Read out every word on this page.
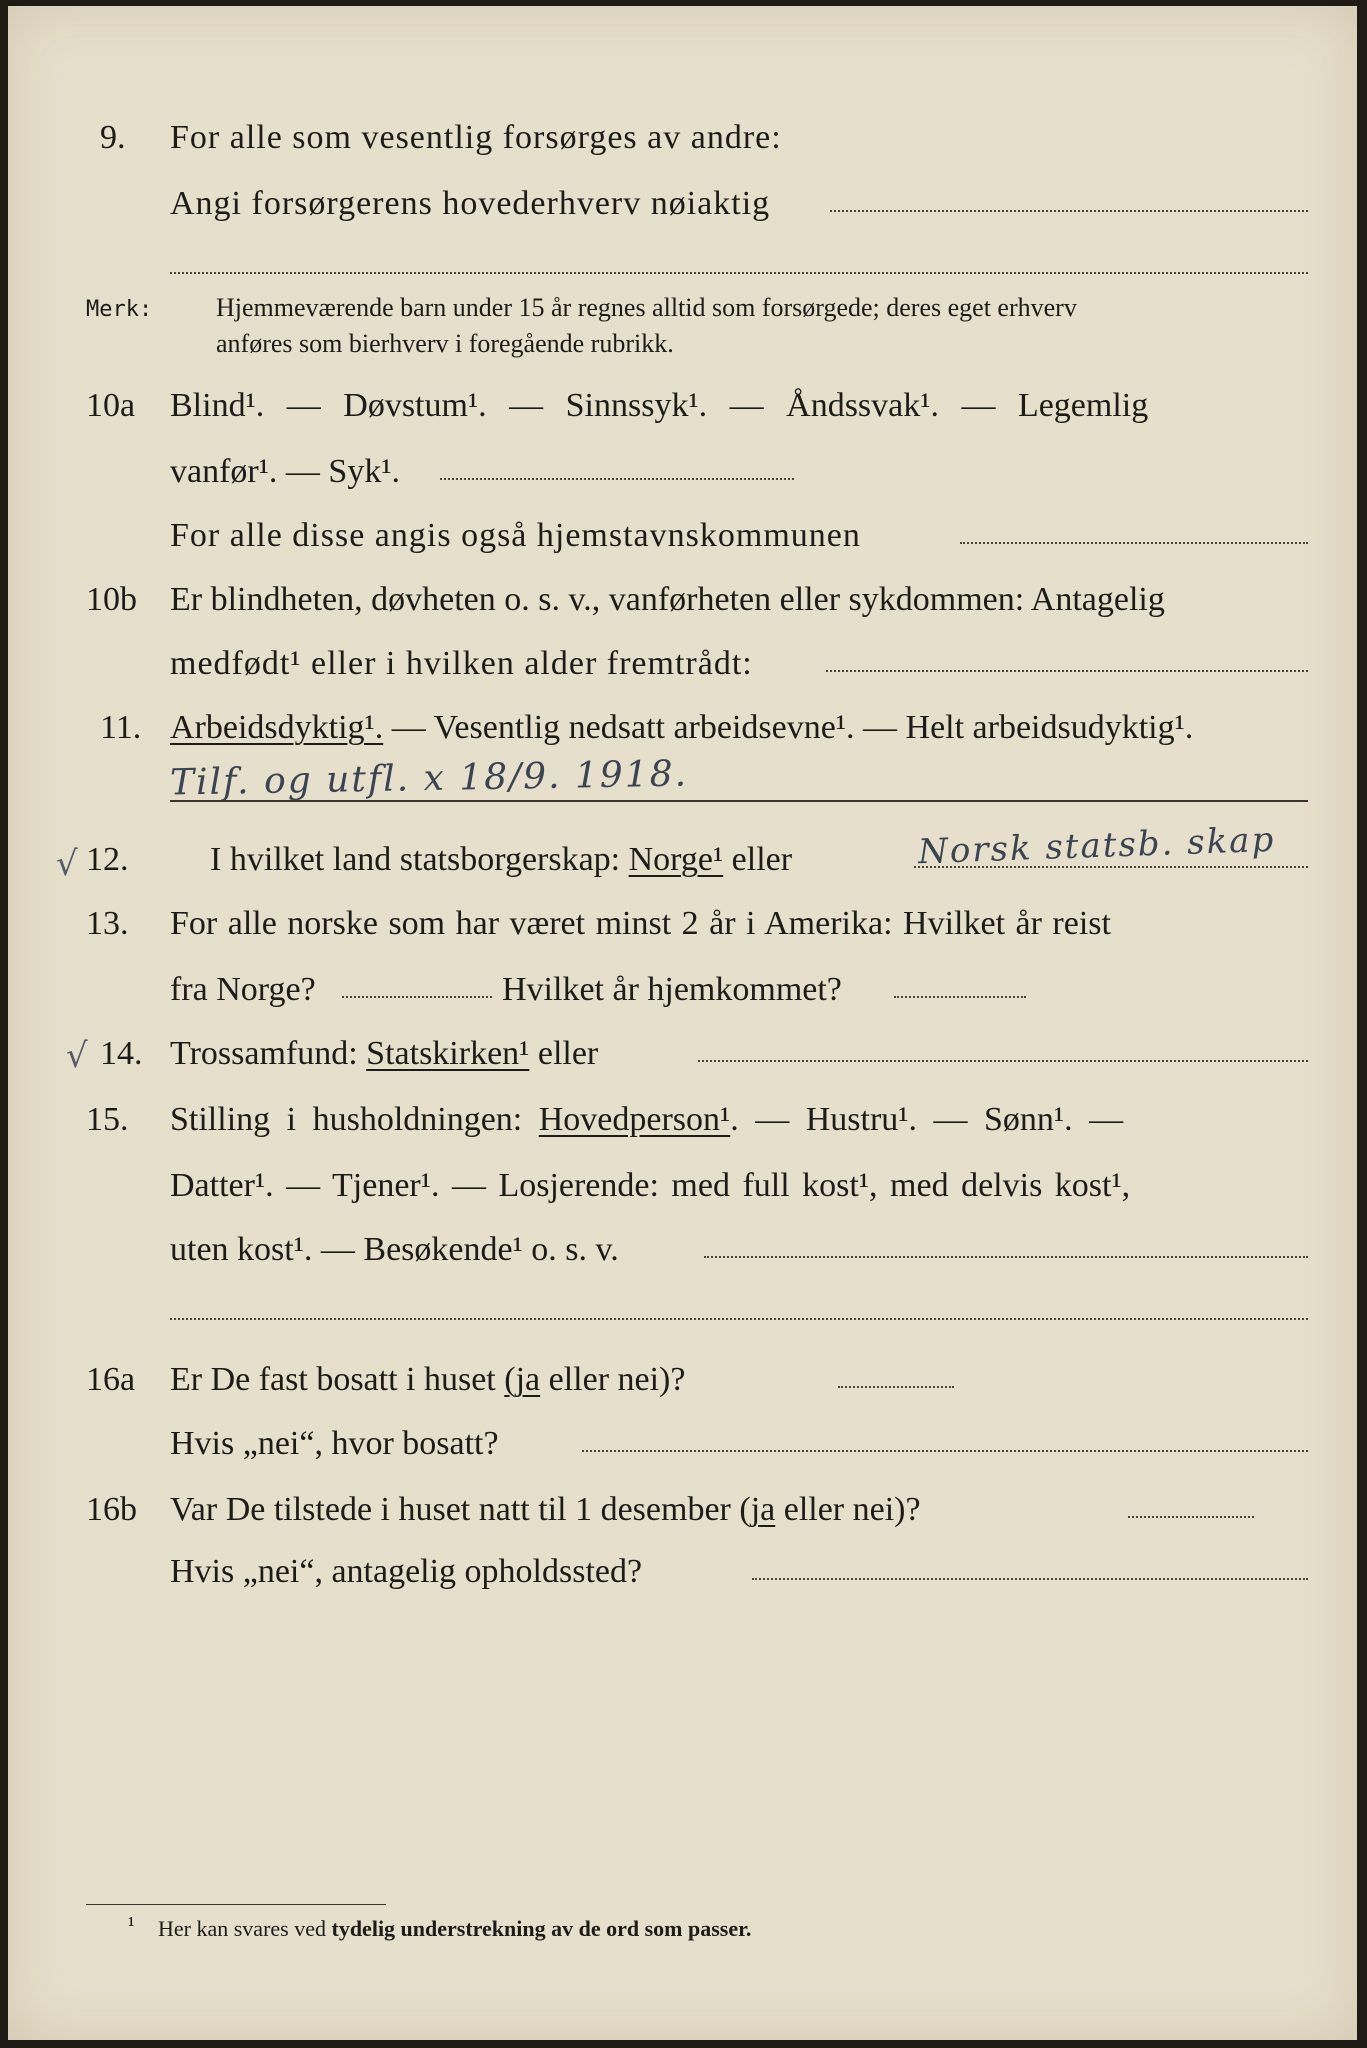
9.	For alle som vesentlig forsørges av andre:
Angi forsørgerens hovederhverv nøiaktig
Merk: Hjemmeværende barn under 15 år regnes alltid som forsørgede; deres eget erhverv
anføres som bierhverv i foregående rubrikk.
10a	Blind¹. — Døvstum¹. — Sinnssyk¹. — Åndssvak¹. — Legemlig
vanfør¹. — Syk¹.
For alle disse angis også hjemstavnskommunen
10b Er blindheten, døvheten o. s. v., vanførheten eller sykdommen: Antagelig
medfødt¹ eller i hvilken alder fremtrådt:
11. Arbeidsdyktig¹. — Vesentlig nedsatt arbeidsevne¹. — Helt arbeidsudyktig¹.
Tilf. og utfl. x 18/9. 1918.
√ 12.	I hvilket land statsborgerskap: Norge¹ eller	Norsk statsb. skap
13.	For alle norske som har været minst 2 år i Amerika: Hvilket år reist
fra Norge?	Hvilket år hjemkommet?
√ 14. Trossamfund: Statskirken¹ eller
15.	Stilling i husholdningen: Hovedperson¹. — Hustru¹. — Sønn¹. —
Datter¹. — Tjener¹. — Losjerende: med full kost¹, med delvis kost¹,
uten kost¹. — Besøkende¹ o. s. v.
16a	Er De fast bosatt i huset (ja eller nei)?
Hvis „nei“, hvor bosatt?
16b Var De tilstede i huset natt til 1 desember (ja eller nei)?
Hvis „nei“, antagelig opholdssted?
¹ Her kan svares ved tydelig understrekning av de ord som passer.
